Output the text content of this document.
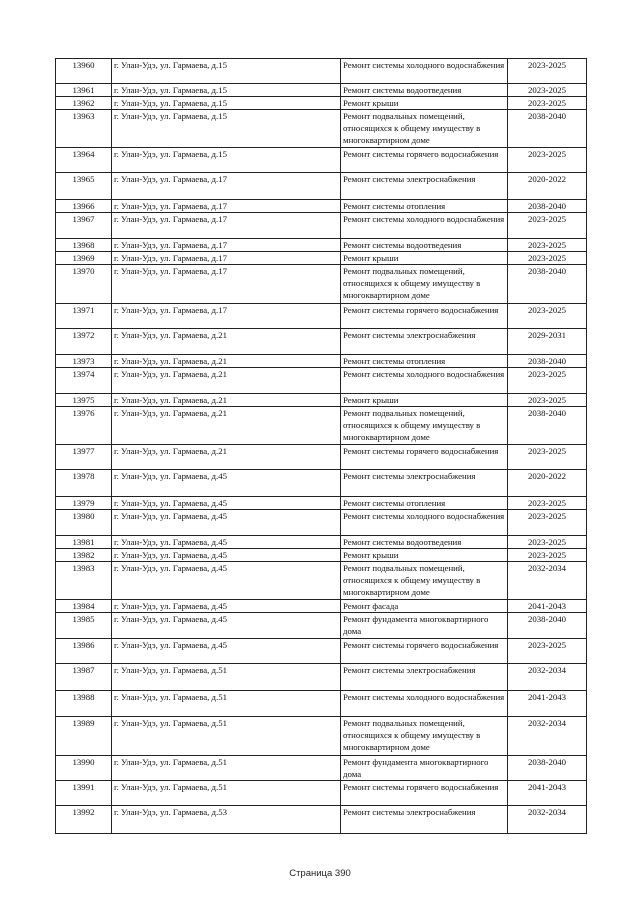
13960	г. Улан-Удэ, ул. Гармаева, д.15	Ремонт системы холодного водоснабжения	2023-2025
13961	г. Улан-Удэ, ул. Гармаева, д.15	Ремонт системы водоотведения	2023-2025
13962	г. Улан-Удэ, ул. Гармаева, д.15	Ремонт крыши	2023-2025
13963	г. Улан-Удэ, ул. Гармаева, д.15	Ремонт подвальных помещений, относящихся к общему имуществу в многоквартирном доме	2038-2040
13964	г. Улан-Удэ, ул. Гармаева, д.15	Ремонт системы горячего водоснабжения	2023-2025
13965	г. Улан-Удэ, ул. Гармаева, д.17	Ремонт системы электроснабжения	2020-2022
13966	г. Улан-Удэ, ул. Гармаева, д.17	Ремонт системы отопления	2038-2040
13967	г. Улан-Удэ, ул. Гармаева, д.17	Ремонт системы холодного водоснабжения	2023-2025
13968	г. Улан-Удэ, ул. Гармаева, д.17	Ремонт системы водоотведения	2023-2025
13969	г. Улан-Удэ, ул. Гармаева, д.17	Ремонт крыши	2023-2025
13970	г. Улан-Удэ, ул. Гармаева, д.17	Ремонт подвальных помещений, относящихся к общему имуществу в многоквартирном доме	2038-2040
13971	г. Улан-Удэ, ул. Гармаева, д.17	Ремонт системы горячего водоснабжения	2023-2025
13972	г. Улан-Удэ, ул. Гармаева, д.21	Ремонт системы электроснабжения	2029-2031
13973	г. Улан-Удэ, ул. Гармаева, д.21	Ремонт системы отопления	2038-2040
13974	г. Улан-Удэ, ул. Гармаева, д.21	Ремонт системы холодного водоснабжения	2023-2025
13975	г. Улан-Удэ, ул. Гармаева, д.21	Ремонт крыши	2023-2025
13976	г. Улан-Удэ, ул. Гармаева, д.21	Ремонт подвальных помещений, относящихся к общему имуществу в многоквартирном доме	2038-2040
13977	г. Улан-Удэ, ул. Гармаева, д.21	Ремонт системы горячего водоснабжения	2023-2025
13978	г. Улан-Удэ, ул. Гармаева, д.45	Ремонт системы электроснабжения	2020-2022
13979	г. Улан-Удэ, ул. Гармаева, д.45	Ремонт системы отопления	2023-2025
13980	г. Улан-Удэ, ул. Гармаева, д.45	Ремонт системы холодного водоснабжения	2023-2025
13981	г. Улан-Удэ, ул. Гармаева, д.45	Ремонт системы водоотведения	2023-2025
13982	г. Улан-Удэ, ул. Гармаева, д.45	Ремонт крыши	2023-2025
13983	г. Улан-Удэ, ул. Гармаева, д.45	Ремонт подвальных помещений, относящихся к общему имуществу в многоквартирном доме	2032-2034
13984	г. Улан-Удэ, ул. Гармаева, д.45	Ремонт фасада	2041-2043
13985	г. Улан-Удэ, ул. Гармаева, д.45	Ремонт фундамента многоквартирного дома	2038-2040
13986	г. Улан-Удэ, ул. Гармаева, д.45	Ремонт системы горячего водоснабжения	2023-2025
13987	г. Улан-Удэ, ул. Гармаева, д.51	Ремонт системы электроснабжения	2032-2034
13988	г. Улан-Удэ, ул. Гармаева, д.51	Ремонт системы холодного водоснабжения	2041-2043
13989	г. Улан-Удэ, ул. Гармаева, д.51	Ремонт подвальных помещений, относящихся к общему имуществу в многоквартирном доме	2032-2034
13990	г. Улан-Удэ, ул. Гармаева, д.51	Ремонт фундамента многоквартирного дома	2038-2040
13991	г. Улан-Удэ, ул. Гармаева, д.51	Ремонт системы горячего водоснабжения	2041-2043
13992	г. Улан-Удэ, ул. Гармаева, д.53	Ремонт системы электроснабжения	2032-2034
Страница 390
